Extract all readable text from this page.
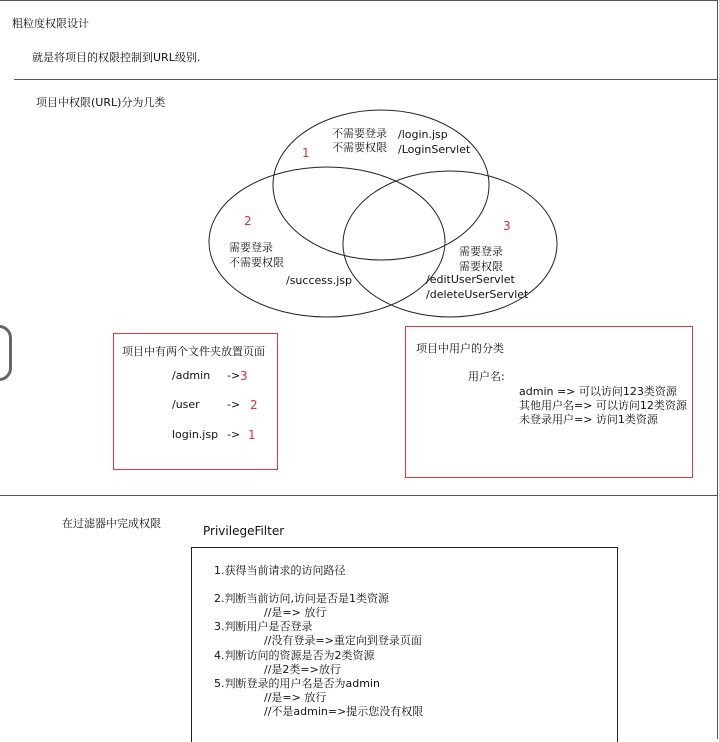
粗粒度权限设计
就是将项目的权限控制到URL级别.
项目中权限(URL)分为几类
1
不需要登录
不需要权限
/login.jsp
/LoginServlet
2
需要登录
不需要权限
/success.jsp
3
需要登录
需要权限
/editUserServlet
/deleteUserServlet
项目中有两个文件夹放置页面
/admin -> 3
/user -> 2
login.jsp -> 1
项目中用户的分类
用户名:
admin => 可以访问123类资源
其他用户名=> 可以访问12类资源
未登录用户=> 访问1类资源
在过滤器中完成权限
PrivilegeFilter
1.获得当前请求的访问路径
2.判断当前访问,访问是否是1类资源
//是=> 放行
3.判断用户是否登录
//没有登录=>重定向到登录页面
4.判断访问的资源是否为2类资源
//是2类=>放行
5.判断登录的用户名是否为admin
//是=> 放行
//不是admin=>提示您没有权限
